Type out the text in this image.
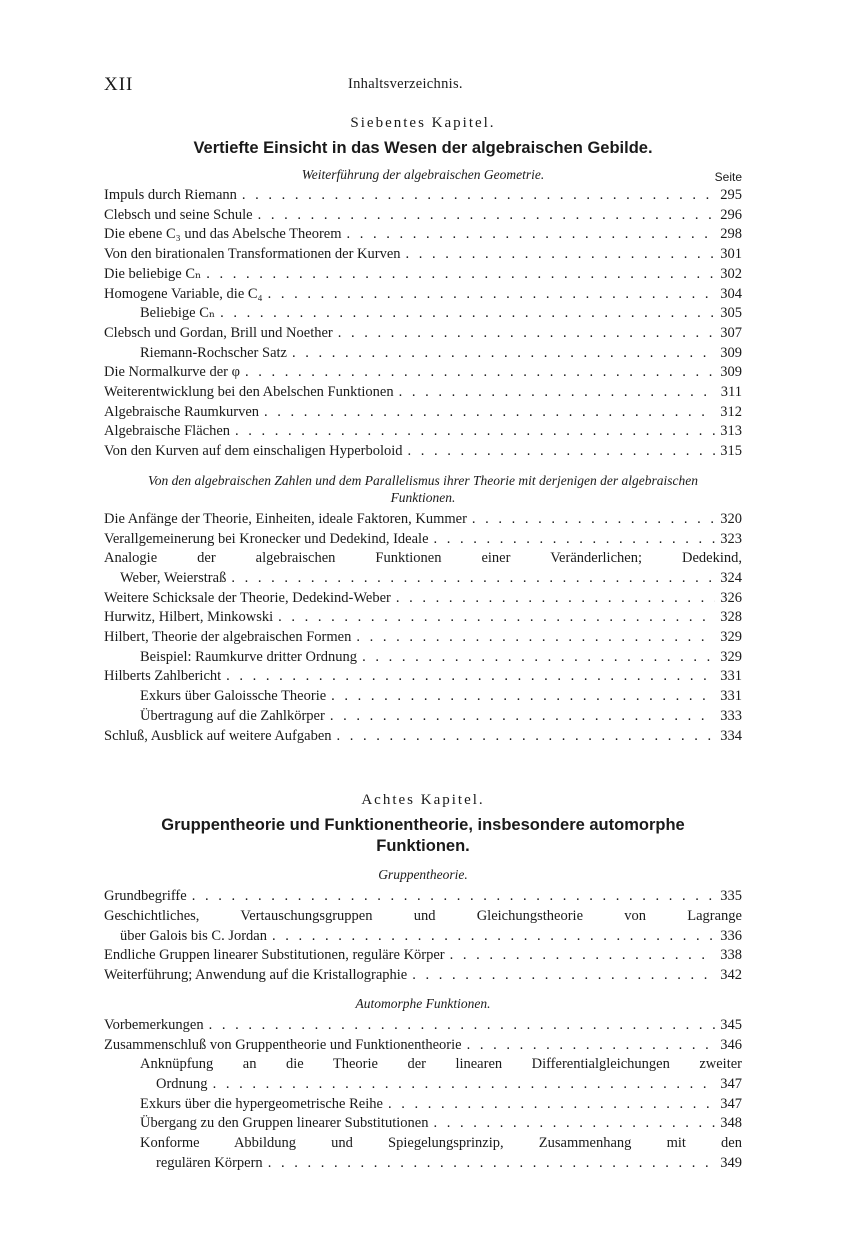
XII	Inhaltsverzeichnis.
Siebentes Kapitel.
Vertiefte Einsicht in das Wesen der algebraischen Gebilde.
Weiterführung der algebraischen Geometrie.	Seite
Impuls durch Riemann . . .	295
Clebsch und seine Schule . . .	296
Die ebene C₃ und das Abelsche Theorem . . .	298
Von den birationalen Transformationen der Kurven . . .	301
Die beliebige Cₙ . . .	302
Homogene Variable, die C₄ . . .	304
Beliebige Cₙ . . .	305
Clebsch und Gordan, Brill und Noether . . .	307
Riemann-Rochscher Satz . . .	309
Die Normalkurve der φ . . .	309
Weiterentwicklung bei den Abelschen Funktionen . . .	311
Algebraische Raumkurven . . .	312
Algebraische Flächen . . .	313
Von den Kurven auf dem einschaligen Hyperboloid . . .	315
Von den algebraischen Zahlen und dem Parallelismus ihrer Theorie mit derjenigen der algebraischen Funktionen.
Die Anfänge der Theorie, Einheiten, ideale Faktoren, Kummer . . .	320
Verallgemeinerung bei Kronecker und Dedekind, Ideale . . .	323
Analogie der algebraischen Funktionen einer Veränderlichen; Dedekind,
Weber, Weierstraß . . .	324
Weitere Schicksale der Theorie, Dedekind-Weber . . .	326
Hurwitz, Hilbert, Minkowski . . .	328
Hilbert, Theorie der algebraischen Formen . . .	329
Beispiel: Raumkurve dritter Ordnung . . .	329
Hilberts Zahlbericht . . .	331
Exkurs über Galoissche Theorie . . .	331
Übertragung auf die Zahlkörper . . .	333
Schluß, Ausblick auf weitere Aufgaben . . .	334
Achtes Kapitel.
Gruppentheorie und Funktionentheorie, insbesondere automorphe Funktionen.
Gruppentheorie.
Grundbegriffe . . .	335
Geschichtliches, Vertauschungsgruppen und Gleichungstheorie von Lagrange
über Galois bis C. Jordan . . .	336
Endliche Gruppen linearer Substitutionen, reguläre Körper . . .	338
Weiterführung; Anwendung auf die Kristallographie . . .	342
Automorphe Funktionen.
Vorbemerkungen . . .	345
Zusammenschluß von Gruppentheorie und Funktionentheorie . . .	346
Anknüpfung an die Theorie der linearen Differentialgleichungen zweiter
Ordnung . . .	347
Exkurs über die hypergeometrische Reihe . . .	347
Übergang zu den Gruppen linearer Substitutionen . . .	348
Konforme Abbildung und Spiegelungsprinzip, Zusammenhang mit den
regulären Körpern . . .	349
